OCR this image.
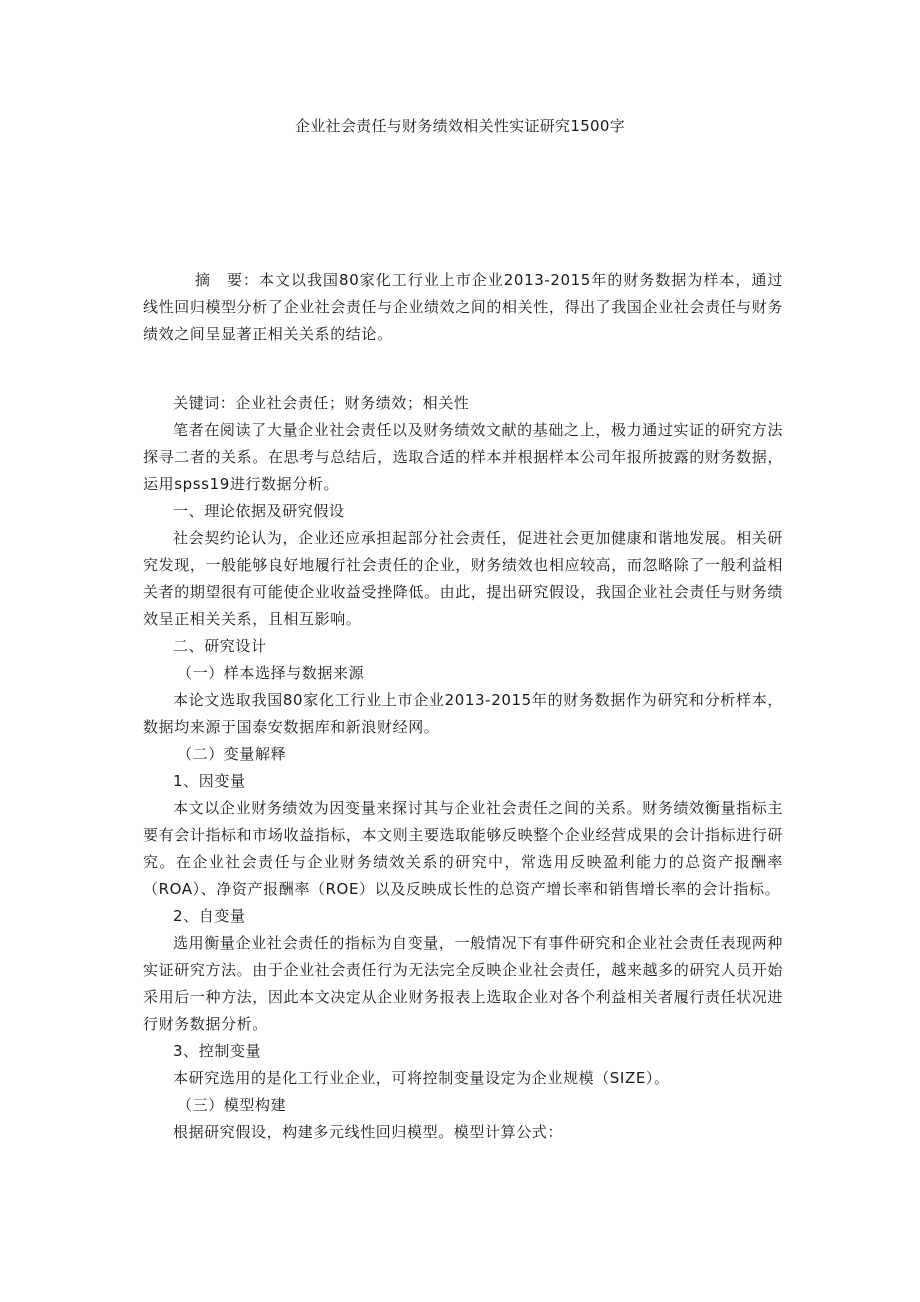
企业社会责任与财务绩效相关性实证研究1500字

摘　要：本文以我国80家化工行业上市企业2013-2015年的财务数据为样本，通过线性回归模型分析了企业社会责任与企业绩效之间的相关性，得出了我国企业社会责任与财务绩效之间呈显著正相关关系的结论。

关键词：企业社会责任；财务绩效；相关性

笔者在阅读了大量企业社会责任以及财务绩效文献的基础之上，极力通过实证的研究方法探寻二者的关系。在思考与总结后，选取合适的样本并根据样本公司年报所披露的财务数据，运用spss19进行数据分析。

一、理论依据及研究假设

社会契约论认为，企业还应承担起部分社会责任，促进社会更加健康和谐地发展。相关研究发现，一般能够良好地履行社会责任的企业，财务绩效也相应较高，而忽略除了一般利益相关者的期望很有可能使企业收益受挫降低。由此，提出研究假设，我国企业社会责任与财务绩效呈正相关关系，且相互影响。

二、研究设计

（一）样本选择与数据来源

本论文选取我国80家化工行业上市企业2013-2015年的财务数据作为研究和分析样本，数据均来源于国泰安数据库和新浪财经网。

（二）变量解释

1、因变量

本文以企业财务绩效为因变量来探讨其与企业社会责任之间的关系。财务绩效衡量指标主要有会计指标和市场收益指标，本文则主要选取能够反映整个企业经营成果的会计指标进行研究。在企业社会责任与企业财务绩效关系的研究中，常选用反映盈利能力的总资产报酬率（ROA）、净资产报酬率（ROE）以及反映成长性的总资产增长率和销售增长率的会计指标。

2、自变量

选用衡量企业社会责任的指标为自变量，一般情况下有事件研究和企业社会责任表现两种实证研究方法。由于企业社会责任行为无法完全反映企业社会责任，越来越多的研究人员开始采用后一种方法，因此本文决定从企业财务报表上选取企业对各个利益相关者履行责任状况进行财务数据分析。

3、控制变量

本研究选用的是化工行业企业，可将控制变量设定为企业规模（SIZE）。

（三）模型构建

根据研究假设，构建多元线性回归模型。模型计算公式：
